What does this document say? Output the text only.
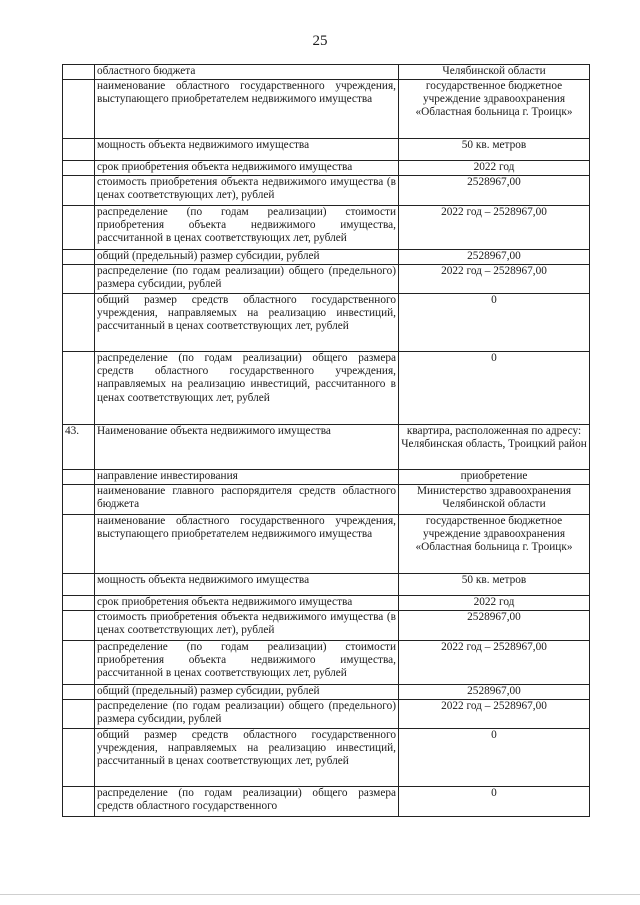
25
	областного бюджета	Челябинской области
	наименование областного государственного учреждения, выступающего приобретателем недвижимого имущества	государственное бюджетное учреждение здравоохранения «Областная больница г. Троицк»
	мощность объекта недвижимого имущества	50 кв. метров
	срок приобретения объекта недвижимого имущества	2022 год
	стоимость приобретения объекта недвижимого имущества (в ценах соответствующих лет), рублей	2528967,00
	распределение (по годам реализации) стоимости приобретения объекта недвижимого имущества, рассчитанной в ценах соответствующих лет, рублей	2022 год – 2528967,00
	общий (предельный) размер субсидии, рублей	2528967,00
	распределение (по годам реализации) общего (предельного) размера субсидии, рублей	2022 год – 2528967,00
	общий размер средств областного государственного учреждения, направляемых на реализацию инвестиций, рассчитанный в ценах соответствующих лет, рублей	0
	распределение (по годам реализации) общего размера средств областного государственного учреждения, направляемых на реализацию инвестиций, рассчитанного в ценах соответствующих лет, рублей	0
43.	Наименование объекта недвижимого имущества	квартира, расположенная по адресу: Челябинская область, Троицкий район
	направление инвестирования	приобретение
	наименование главного распорядителя средств областного бюджета	Министерство здравоохранения Челябинской области
	наименование областного государственного учреждения, выступающего приобретателем недвижимого имущества	государственное бюджетное учреждение здравоохранения «Областная больница г. Троицк»
	мощность объекта недвижимого имущества	50 кв. метров
	срок приобретения объекта недвижимого имущества	2022 год
	стоимость приобретения объекта недвижимого имущества (в ценах соответствующих лет), рублей	2528967,00
	распределение (по годам реализации) стоимости приобретения объекта недвижимого имущества, рассчитанной в ценах соответствующих лет, рублей	2022 год – 2528967,00
	общий (предельный) размер субсидии, рублей	2528967,00
	распределение (по годам реализации) общего (предельного) размера субсидии, рублей	2022 год – 2528967,00
	общий размер средств областного государственного учреждения, направляемых на реализацию инвестиций, рассчитанный в ценах соответствующих лет, рублей	0
	распределение (по годам реализации) общего размера средств областного государственного	0
